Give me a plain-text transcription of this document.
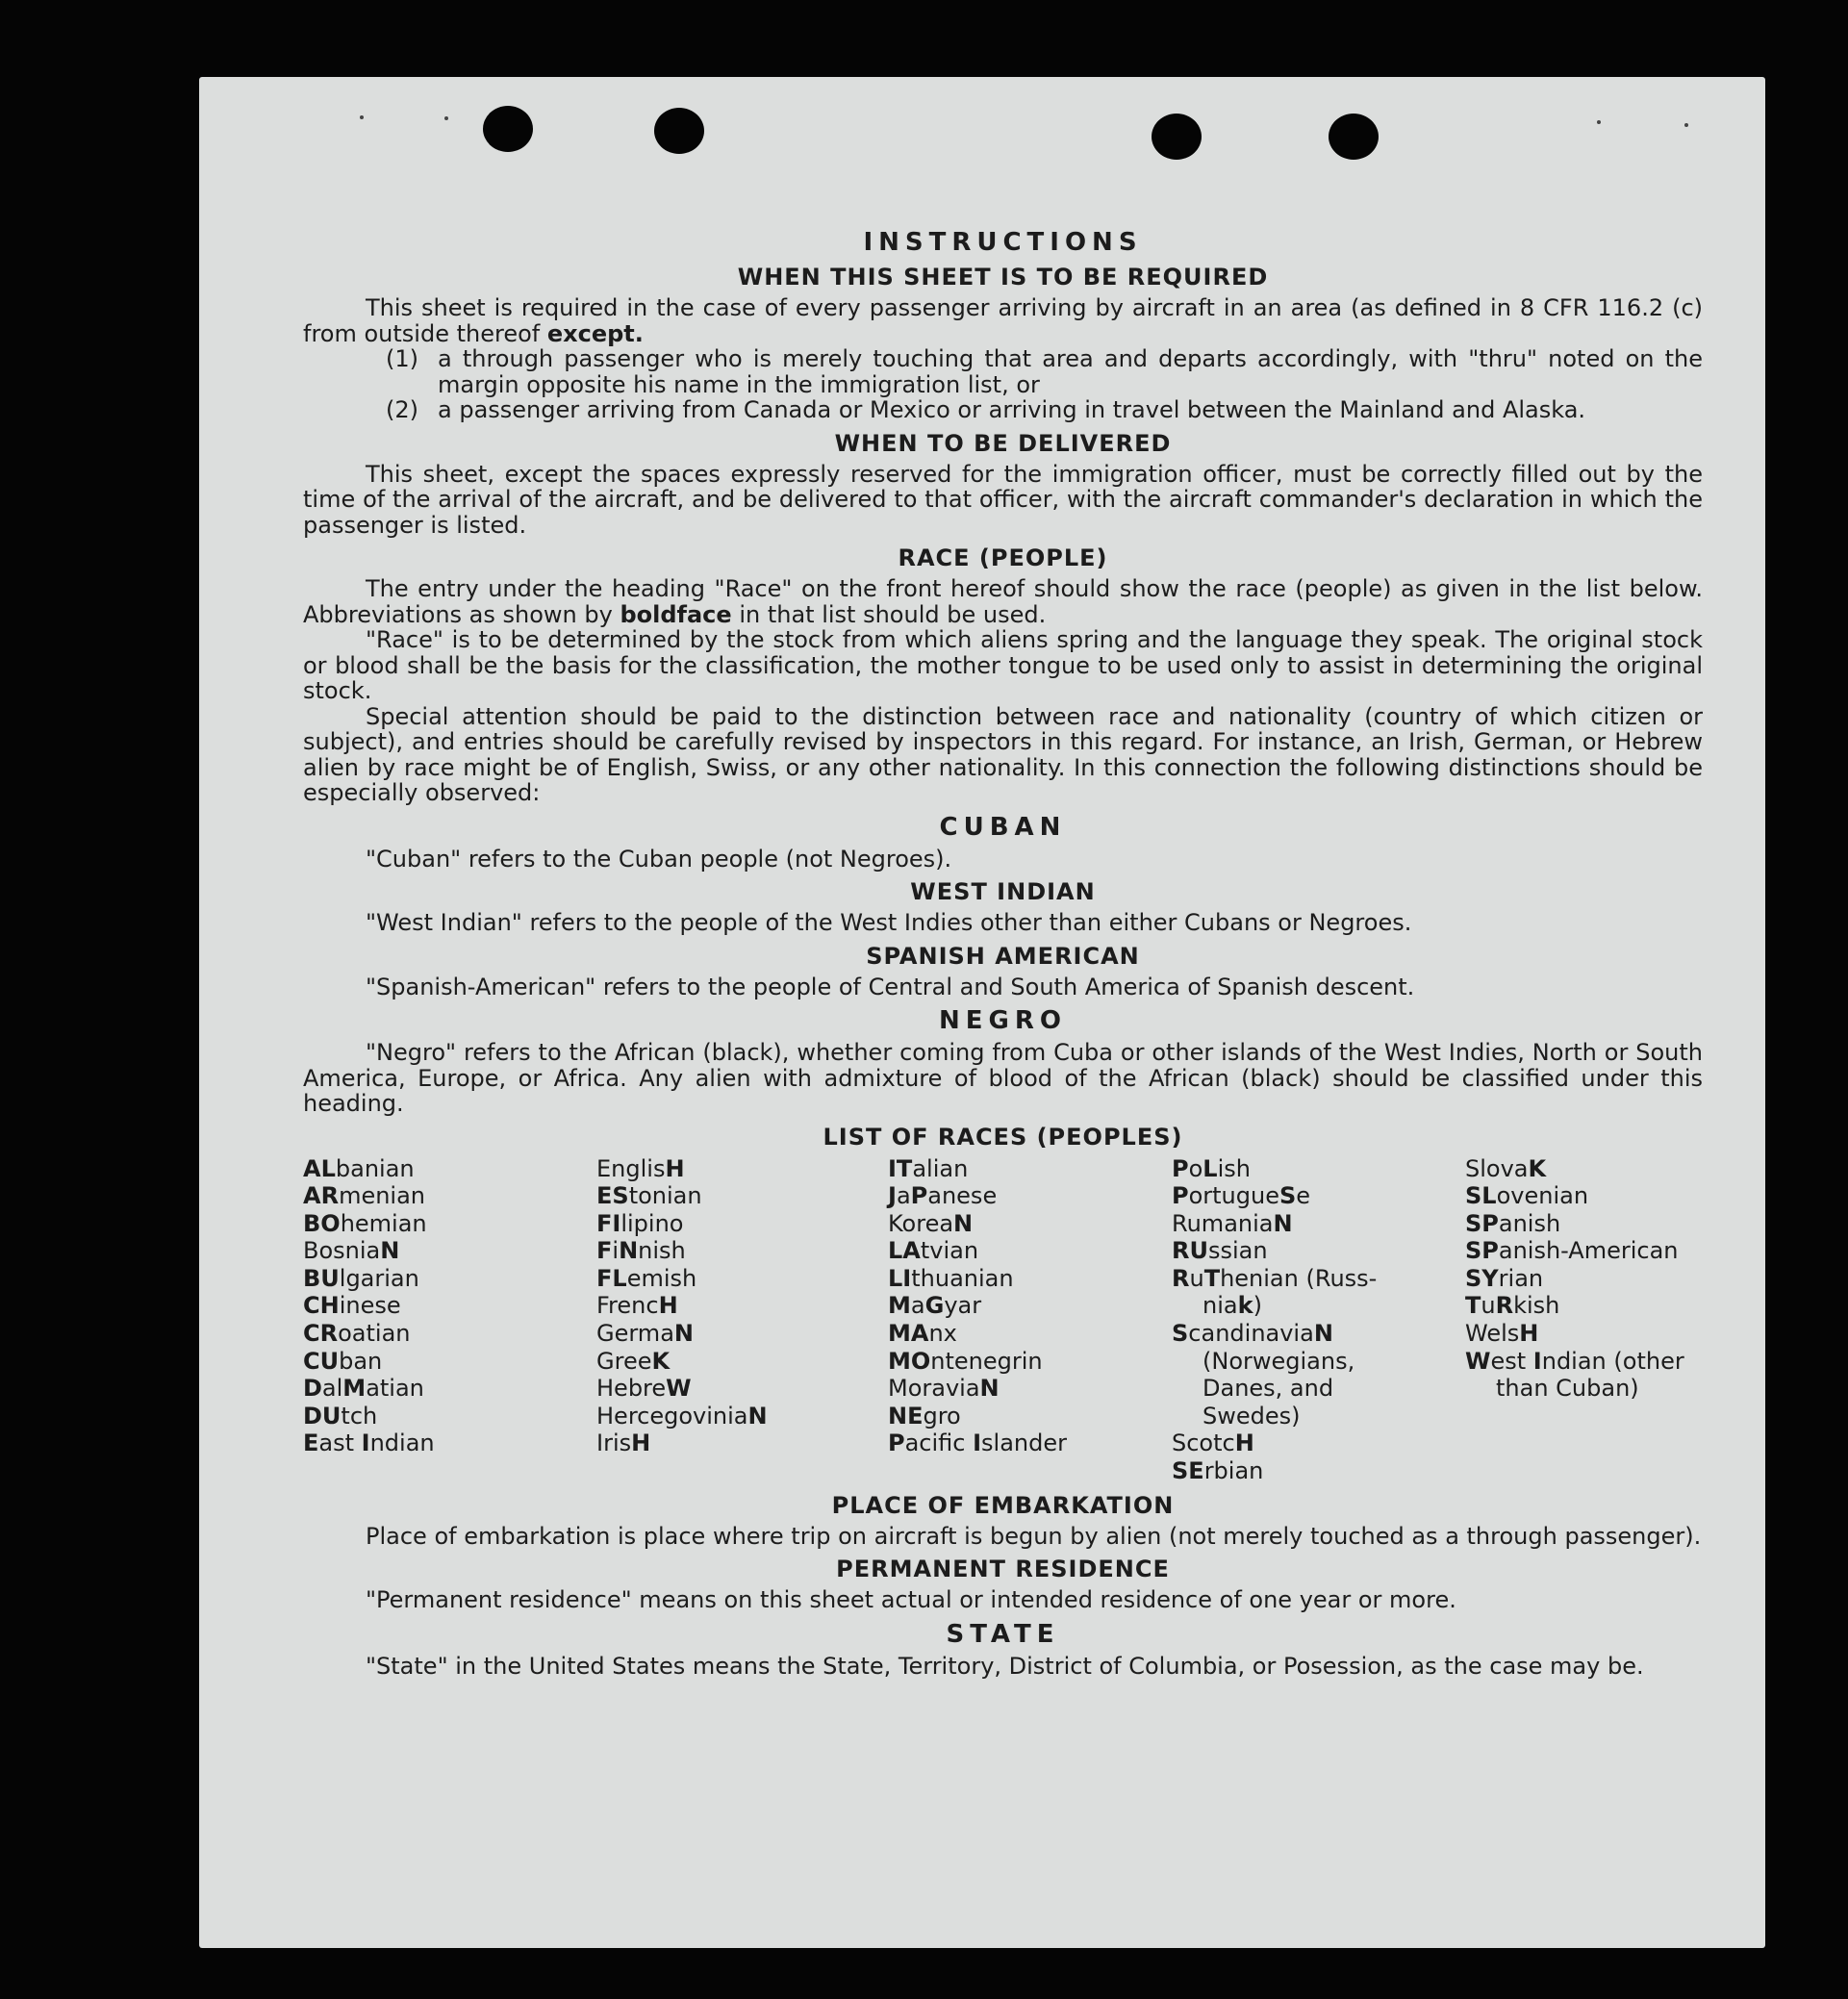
INSTRUCTIONS
WHEN THIS SHEET IS TO BE REQUIRED

This sheet is required in the case of every passenger arriving by aircraft in an area (as defined in 8 CFR 116.2 (c) from outside thereof except.

(1) a through passenger who is merely touching that area and departs accordingly, with "thru" noted on the margin opposite his name in the immigration list, or
(2) a passenger arriving from Canada or Mexico or arriving in travel between the Mainland and Alaska.
WHEN TO BE DELIVERED

This sheet, except the spaces expressly reserved for the immigration officer, must be correctly filled out by the time of the arrival of the aircraft, and be delivered to that officer, with the aircraft commander's declaration in which the passenger is listed.

RACE (PEOPLE)

The entry under the heading "Race" on the front hereof should show the race (people) as given in the list below. Abbreviations as shown by boldface in that list should be used.

"Race" is to be determined by the stock from which aliens spring and the language they speak. The original stock or blood shall be the basis for the classification, the mother tongue to be used only to assist in determining the original stock.

Special attention should be paid to the distinction between race and nationality (country of which citizen or subject), and entries should be carefully revised by inspectors in this regard. For instance, an Irish, German, or Hebrew alien by race might be of English, Swiss, or any other nationality. In this connection the following distinctions should be especially observed:

CUBAN

"Cuban" refers to the Cuban people (not Negroes).

WEST INDIAN

"West Indian" refers to the people of the West Indies other than either Cubans or Negroes.

SPANISH AMERICAN

"Spanish-American" refers to the people of Central and South America of Spanish descent.

NEGRO

"Negro" refers to the African (black), whether coming from Cuba or other islands of the West Indies, North or South America, Europe, or Africa. Any alien with admixture of blood of the African (black) should be classified under this heading.

LIST OF RACES (PEOPLES)
ALbanian
ARmenian
BOhemian
BosniaN
BUlgarian
CHinese
CRoatian
CUban
DalMatian
DUtch
East Indian
EnglisH
EStonian
FIlipino
FiNnish
FLemish
FrencH
GermaN
GreeK
HebreW
HercegoviniaN
IrisH
ITalian
JaPanese
KoreaN
LAtvian
LIthuanian
MaGyar
MAnx
MOntenegrin
MoraviaN
NEgro
Pacific Islander
PoLish
PortugueSe
RumaniaN
RUssian
RuThenian (Russ-
niak)
ScandinaviaN
(Norwegians,
Danes, and
Swedes)
ScotcH
SErbian
SlovaK
SLovenian
SPanish
SPanish-American
SYrian
TuRkish
WelsH
West Indian (other
than Cuban)
PLACE OF EMBARKATION

Place of embarkation is place where trip on aircraft is begun by alien (not merely touched as a through passenger).

PERMANENT RESIDENCE

"Permanent residence" means on this sheet actual or intended residence of one year or more.

STATE

"State" in the United States means the State, Territory, District of Columbia, or Posession, as the case may be.
